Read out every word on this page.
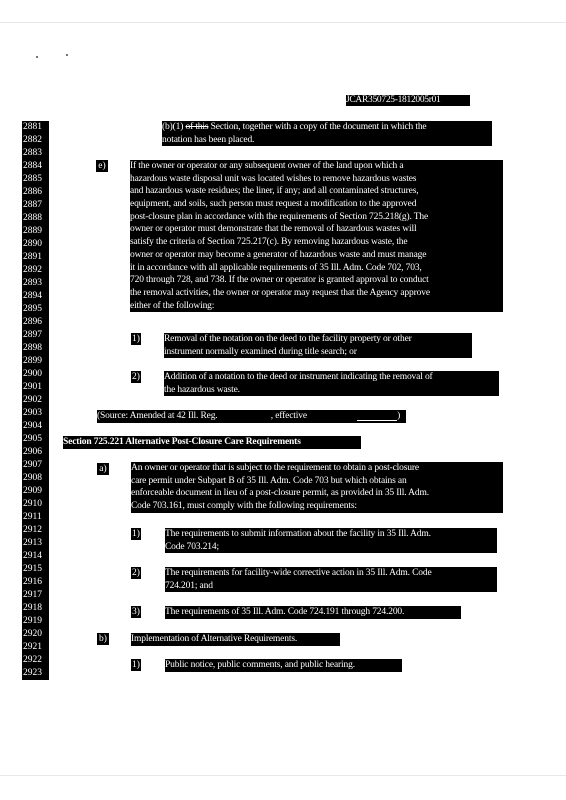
JCAR350725-1812005r01
2881
2882
2883
2884
2885
2886
2887
2888
2889
2890
2891
2892
2893
2894
2895
2896
2897
2898
2899
2900
2901
2902
2903
2904
2905
2906
2907
2908
2909
2910
2911
2912
2913
2914
2915
2916
2917
2918
2919
2920
2921
2922
2923
(b)(1) of this Section, together with a copy of the document in which the
notation has been placed.
e)	If the owner or operator or any subsequent owner of the land upon which a
hazardous waste disposal unit was located wishes to remove hazardous wastes
and hazardous waste residues; the liner, if any; and all contaminated structures,
equipment, and soils, such person must request a modification to the approved
post-closure plan in accordance with the requirements of Section 725.218(g). The
owner or operator must demonstrate that the removal of hazardous wastes will
satisfy the criteria of Section 725.217(c). By removing hazardous waste, the
owner or operator may become a generator of hazardous waste and must manage
it in accordance with all applicable requirements of 35 Ill. Adm. Code 702, 703,
720 through 728, and 738. If the owner or operator is granted approval to conduct
the removal activities, the owner or operator may request that the Agency approve
either of the following:
1)	Removal of the notation on the deed to the facility property or other
instrument normally examined during title search; or
2)	Addition of a notation to the deed or instrument indicating the removal of
the hazardous waste.
(Source: Amended at 42 Ill. Reg.	, effective	)
Section 725.221 Alternative Post-Closure Care Requirements
a)	An owner or operator that is subject to the requirement to obtain a post-closure
care permit under Subpart B of 35 Ill. Adm. Code 703 but which obtains an
enforceable document in lieu of a post-closure permit, as provided in 35 Ill. Adm.
Code 703.161, must comply with the following requirements:
1)	The requirements to submit information about the facility in 35 Ill. Adm.
Code 703.214;
2)	The requirements for facility-wide corrective action in 35 Ill. Adm. Code
724.201; and
3)	The requirements of 35 Ill. Adm. Code 724.191 through 724.200.
b)	Implementation of Alternative Requirements.
1)	Public notice, public comments, and public hearing.
